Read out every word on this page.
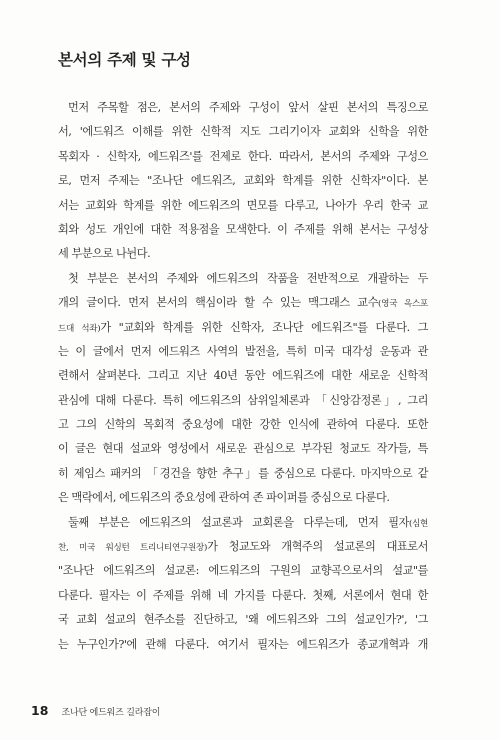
본서의 주제 및 구성
먼저 주목할 점은, 본서의 주제와 구성이 앞서 살핀 본서의 특징으로
서, '에드워즈 이해를 위한 신학적 지도 그리기이자 교회와 신학을 위한
목회자 · 신학자, 에드워즈'를 전제로 한다. 따라서, 본서의 주제와 구성으
로, 먼저 주제는 "조나단 에드워즈, 교회와 학계를 위한 신학자"이다. 본
서는 교회와 학계를 위한 에드워즈의 면모를 다루고, 나아가 우리 한국 교
회와 성도 개인에 대한 적용점을 모색한다. 이 주제를 위해 본서는 구성상
세 부분으로 나뉜다.
첫 부분은 본서의 주제와 에드워즈의 작품을 전반적으로 개괄하는 두
개의 글이다. 먼저 본서의 핵심이라 할 수 있는 맥그래스 교수(영국 옥스포
드대 석좌)가 "교회와 학계를 위한 신학자, 조나단 에드워즈"를 다룬다. 그
는 이 글에서 먼저 에드워즈 사역의 발전을, 특히 미국 대각성 운동과 관
련해서 살펴본다. 그리고 지난 40년 동안 에드워즈에 대한 새로운 신학적
관심에 대해 다룬다. 특히 에드워즈의 삼위일체론과 「신앙감정론」, 그리
고 그의 신학의 목회적 중요성에 대한 강한 인식에 관하여 다룬다. 또한
이 글은 현대 설교와 영성에서 새로운 관심으로 부각된 청교도 작가들, 특
히 제임스 패커의 「경건을 향한 추구」를 중심으로 다룬다. 마지막으로 같
은 맥락에서, 에드워즈의 중요성에 관하여 존 파이퍼를 중심으로 다룬다.
둘째 부분은 에드워즈의 설교론과 교회론을 다루는데, 먼저 필자(심현
찬, 미국 워싱턴 트리니티연구원장)가 청교도와 개혁주의 설교론의 대표로서
"조나단 에드워즈의 설교론: 에드워즈의 구원의 교향곡으로서의 설교"를
다룬다. 필자는 이 주제를 위해 네 가지를 다룬다. 첫째, 서론에서 현대 한
국 교회 설교의 현주소를 진단하고, '왜 에드워즈와 그의 설교인가?', '그
는 누구인가?'에 관해 다룬다. 여기서 필자는 에드워즈가 종교개혁과 개
18 조나단 에드워즈 길라잡이
